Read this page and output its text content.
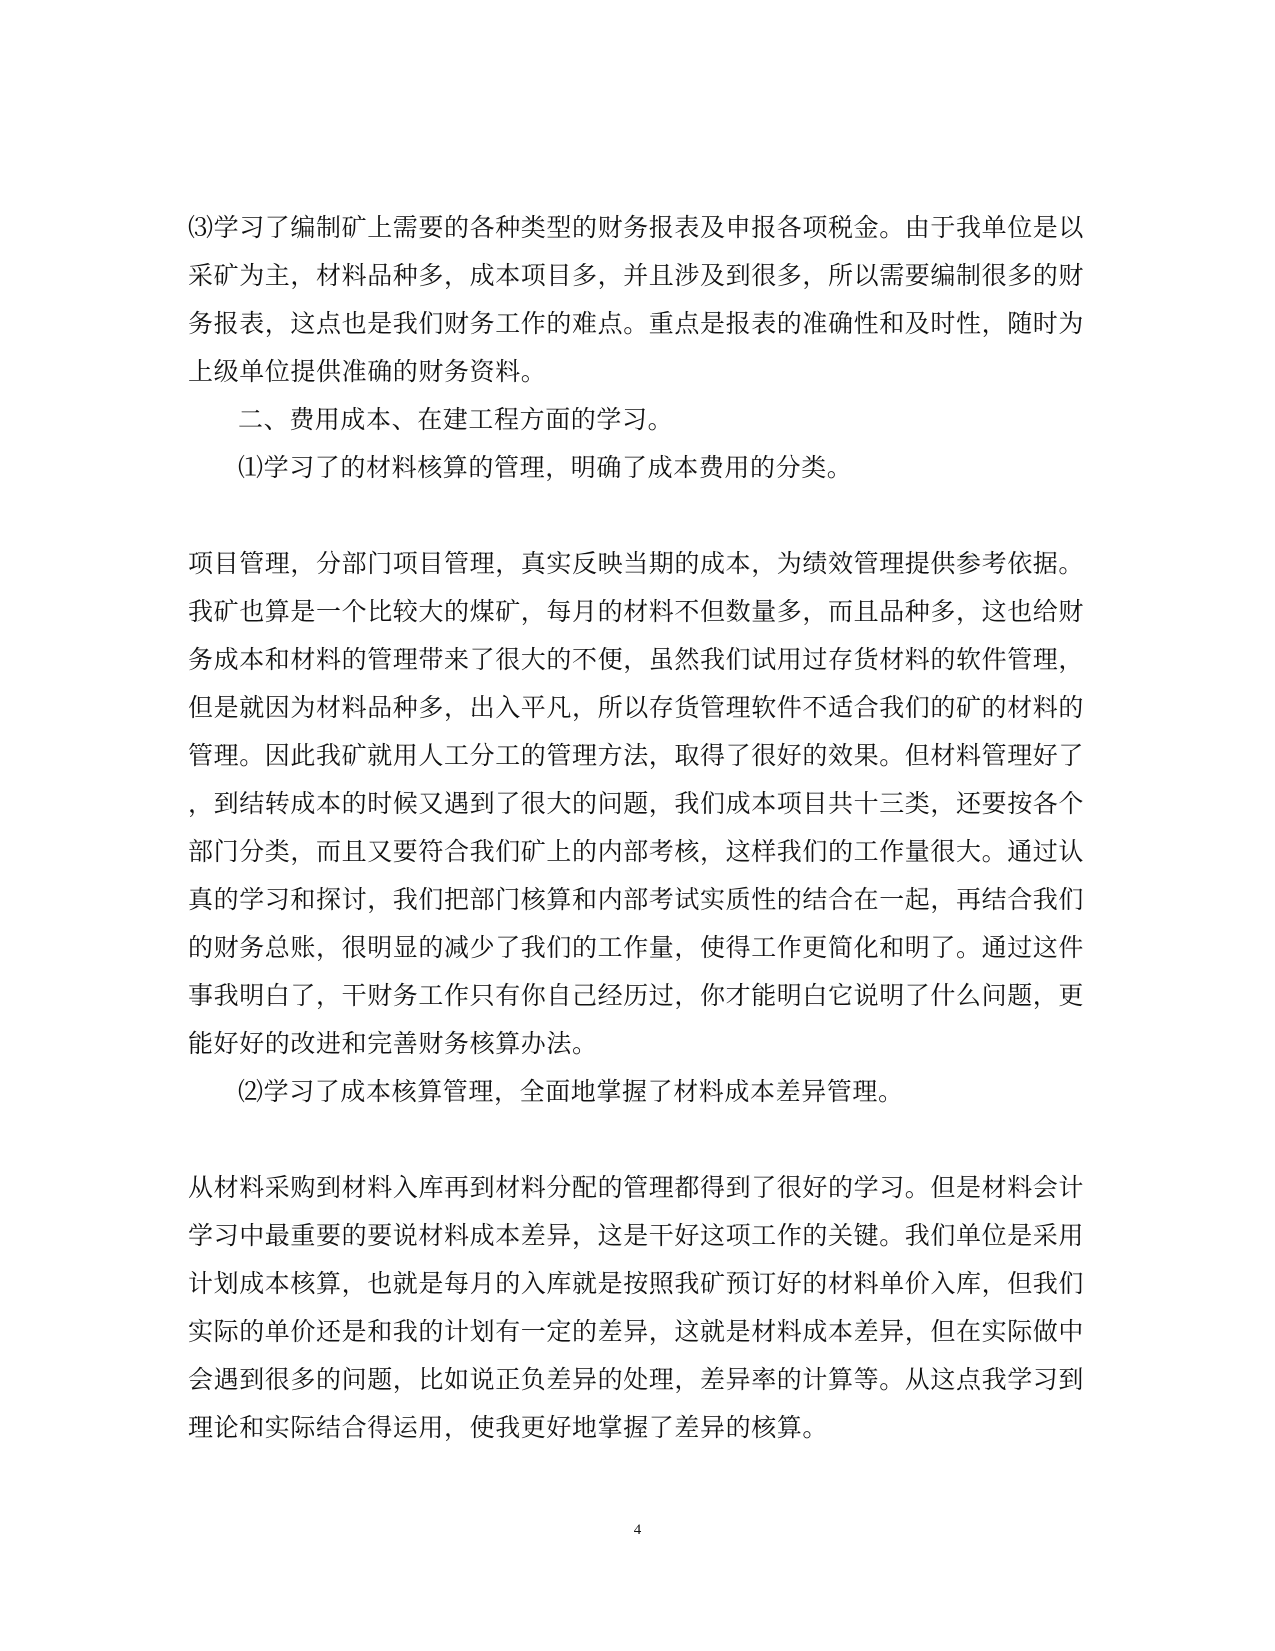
⑶学习了编制矿上需要的各种类型的财务报表及申报各项税金。由于我单位是以
采矿为主，材料品种多，成本项目多，并且涉及到很多，所以需要编制很多的财
务报表，这点也是我们财务工作的难点。重点是报表的准确性和及时性，随时为
上级单位提供准确的财务资料。
二、费用成本、在建工程方面的学习。
⑴学习了的材料核算的管理，明确了成本费用的分类。
项目管理，分部门项目管理，真实反映当期的成本，为绩效管理提供参考依据。
我矿也算是一个比较大的煤矿，每月的材料不但数量多，而且品种多，这也给财
务成本和材料的管理带来了很大的不便，虽然我们试用过存货材料的软件管理，
但是就因为材料品种多，出入平凡，所以存货管理软件不适合我们的矿的材料的
管理。因此我矿就用人工分工的管理方法，取得了很好的效果。但材料管理好了
，到结转成本的时候又遇到了很大的问题，我们成本项目共十三类，还要按各个
部门分类，而且又要符合我们矿上的内部考核，这样我们的工作量很大。通过认
真的学习和探讨，我们把部门核算和内部考试实质性的结合在一起，再结合我们
的财务总账，很明显的减少了我们的工作量，使得工作更简化和明了。通过这件
事我明白了，干财务工作只有你自己经历过，你才能明白它说明了什么问题，更
能好好的改进和完善财务核算办法。
⑵学习了成本核算管理，全面地掌握了材料成本差异管理。
从材料采购到材料入库再到材料分配的管理都得到了很好的学习。但是材料会计
学习中最重要的要说材料成本差异，这是干好这项工作的关键。我们单位是采用
计划成本核算，也就是每月的入库就是按照我矿预订好的材料单价入库，但我们
实际的单价还是和我的计划有一定的差异，这就是材料成本差异，但在实际做中
会遇到很多的问题，比如说正负差异的处理，差异率的计算等。从这点我学习到
理论和实际结合得运用，使我更好地掌握了差异的核算。
4
